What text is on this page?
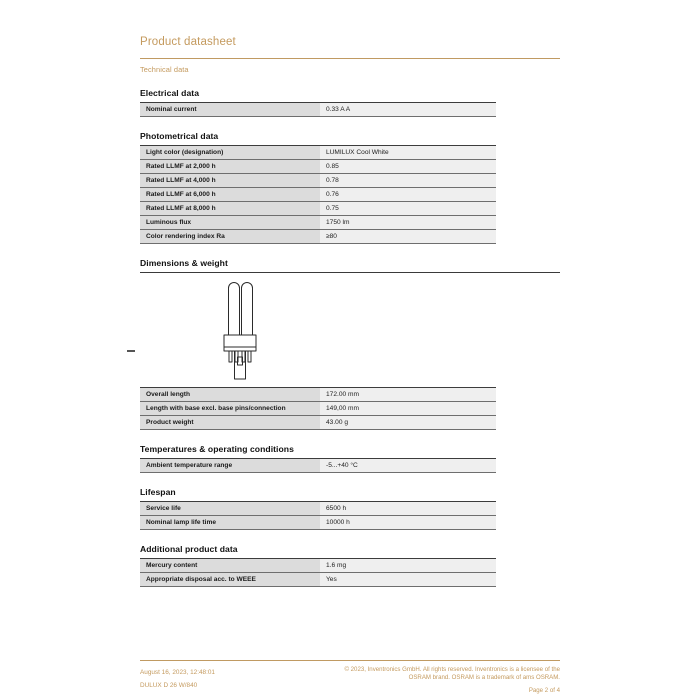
Product datasheet
Technical data
Electrical data
Nominal current	0.33 A A
Photometrical data
Light color (designation)	LUMILUX Cool White
Rated LLMF at 2,000 h	0.85
Rated LLMF at 4,000 h	0.78
Rated LLMF at 6,000 h	0.76
Rated LLMF at 8,000 h	0.75
Luminous flux	1750 lm
Color rendering index Ra	≥80
Dimensions & weight
Overall length	172.00 mm
Length with base excl. base pins/connection	149,00 mm
Product weight	43.00 g
Temperatures & operating conditions
Ambient temperature range	-5...+40 °C
Lifespan
Service life	6500 h
Nominal lamp life time	10000 h
Additional product data
Mercury content	1.6 mg
Appropriate disposal acc. to WEEE	Yes
August 16, 2023, 12:48:01
DULUX D 26 W/840
© 2023, Inventronics GmbH. All rights reserved. Inventronics is a licensee of the OSRAM brand. OSRAM is a trademark of ams OSRAM.
Page 2 of 4
